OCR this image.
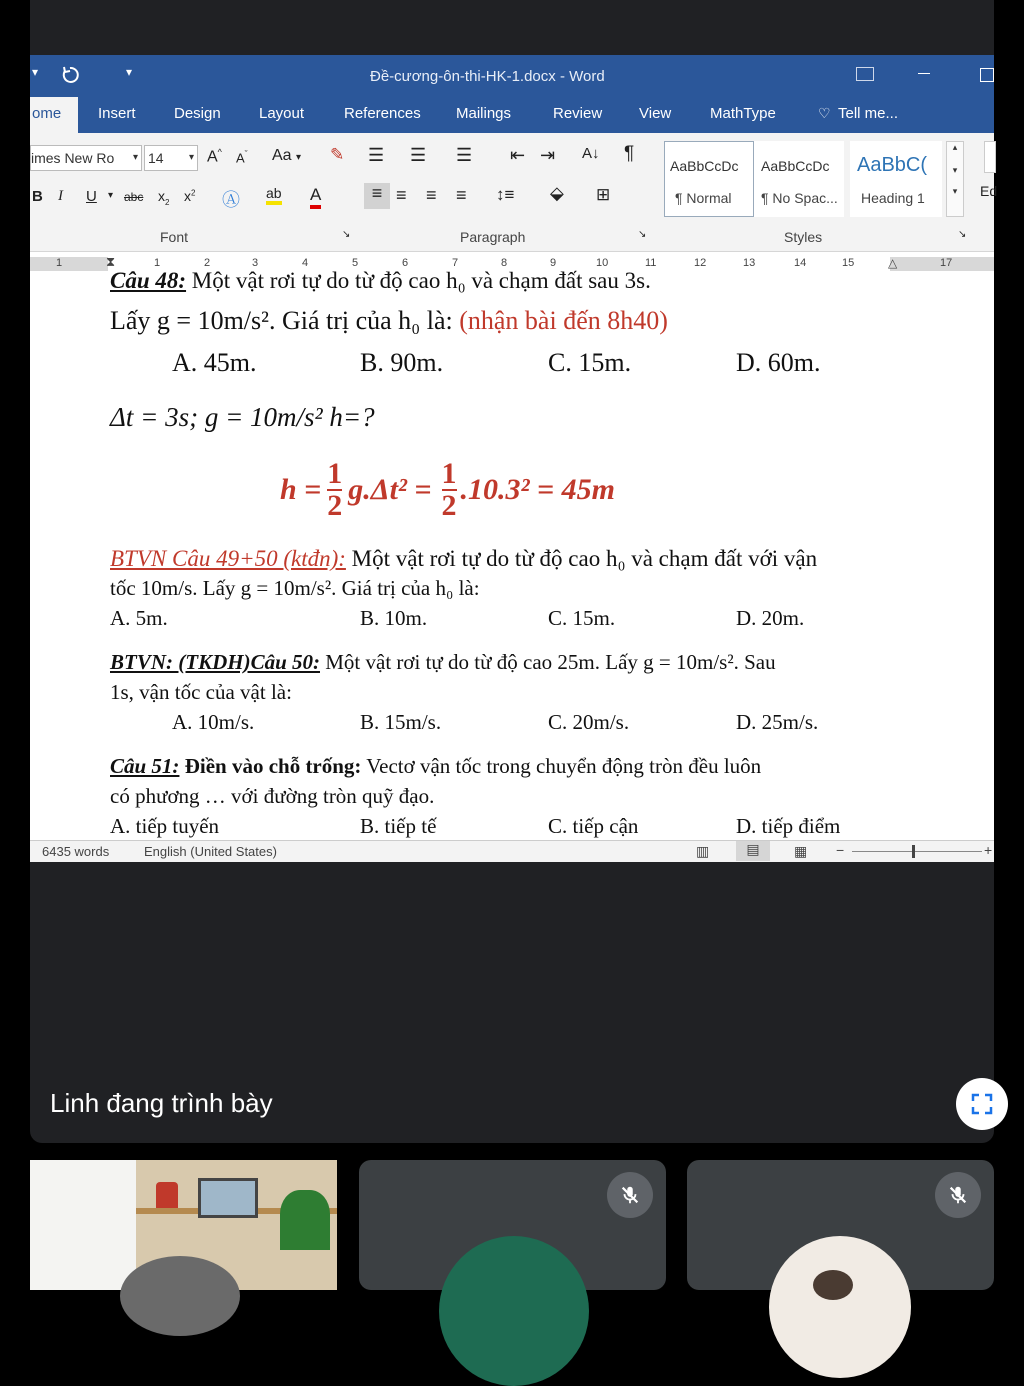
▾	▾	Đề-cương-ôn-thi-HK-1.docx - Word
ome Insert	Design	Layout	References Mailings	Review View	MathType	♡ Tell me...
imes New Ro ▾ 14	▾ A^ $A^ˇ$ Aa ▾ ✎
B I U ▾ abc $x_2$ $x^2$ Ⓐ ab A
Font	↘
☰ ☰ ☰ ⇤ ⇥ A↓ ¶
≡ ≡ ≡ ≡ ↕≡ ⬙ ⊞
Paragraph	↘
AaBbCcDc
¶ Normal
AaBbCcDc
¶ No Spac...
AaBbC(
Heading 1
▴
▾
▾
Styles	↘
Ed
⧗	△
1	1	2	3	4	5	6	7	8	9	10	11	12	13	14	15	17
Câu 48: Một vật rơi tự do từ độ cao h₀ và chạm đất sau 3s.
Lấy g = 10m/s². Giá trị của h₀ là: (nhận bài đến 8h40)
A. 45m.	B. 90m.	C. 15m.	D. 60m.
Δt = 3s; g = 10m/s² h=?
$h = \frac{1}{2} g.\Delta t^2 = \frac{1}{2} .10.3^2 = 45m$
BTVN Câu 49+50 (ktđn): Một vật rơi tự do từ độ cao h₀ và chạm đất với vận
tốc 10m/s. Lấy g = 10m/s². Giá trị của h₀ là:
A. 5m.	B. 10m.	C. 15m.	D. 20m.
BTVN: (TKDH)Câu 50: Một vật rơi tự do từ độ cao 25m. Lấy g = 10m/s². Sau
1s, vận tốc của vật là:
A. 10m/s.	B. 15m/s.	C. 20m/s.	D. 25m/s.
Câu 51: Điền vào chỗ trống: Vectơ vận tốc trong chuyển động tròn đều luôn
có phương … với đường tròn quỹ đạo.
A. tiếp tuyến	B. tiếp tế	C. tiếp cận	D. tiếp điểm
6435 words	English (United States)	▥	▤	▦ −	+
Linh đang trình bày
